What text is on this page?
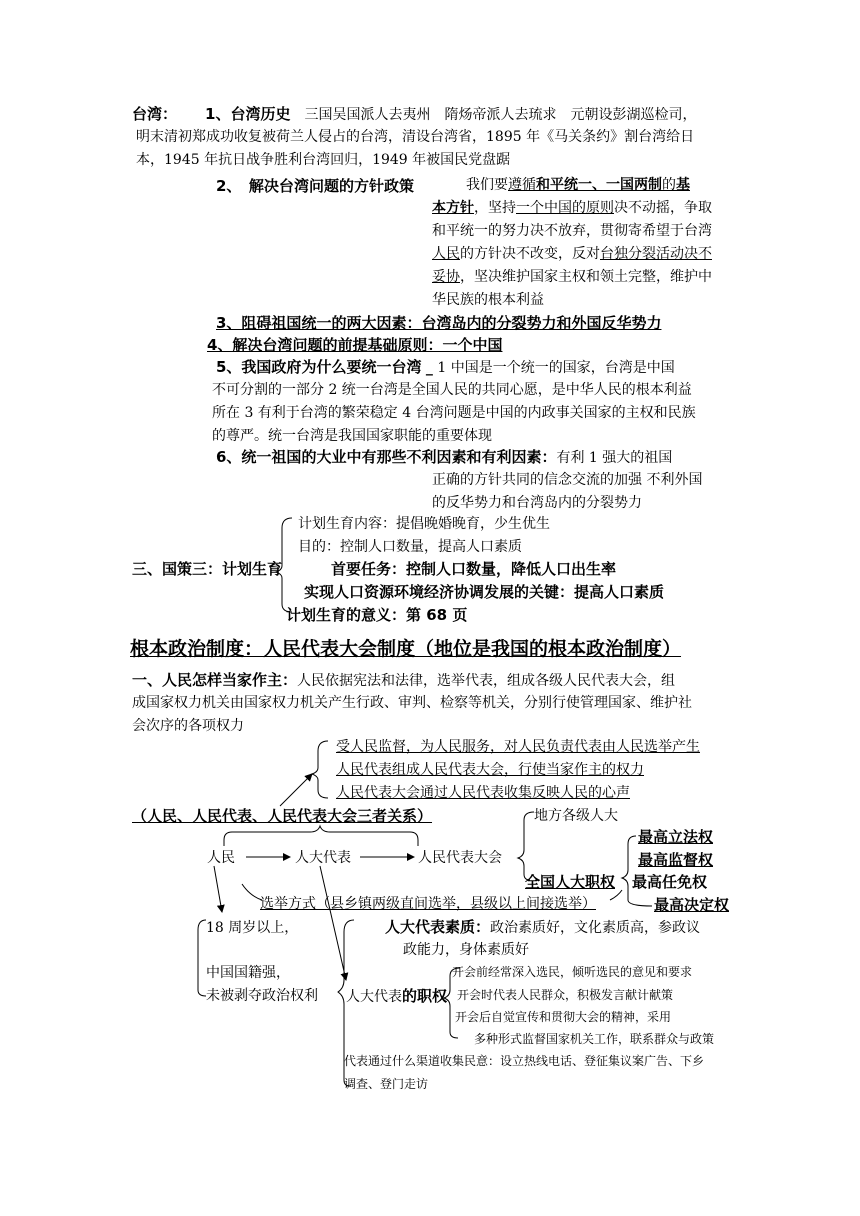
台湾： 1、台湾历史　 三国吴国派人去夷州　隋炀帝派人去琉求　元朝设彭湖巡检司，
明末清初郑成功收复被荷兰人侵占的台湾，清设台湾省，1895 年《马关条约》割台湾给日
本，1945 年抗日战争胜利台湾回归，1949 年被国民党盘踞
2、　解决台湾问题的方针政策	我们要遵循和平统一、一国两制的基
本方针，坚持一个中国的原则决不动摇，争取
和平统一的努力决不放弃，贯彻寄希望于台湾
人民的方针决不改变，反对台独分裂活动决不
妥协，坚决维护国家主权和领土完整，维护中
华民族的根本利益
3、阻碍祖国统一的两大因素：台湾岛内的分裂势力和外国反华势力
4、解决台湾问题的前提基础原则：一个中国
5、我国政府为什么要统一台湾 _ 1 中国是一个统一的国家，台湾是中国
不可分割的一部分 2 统一台湾是全国人民的共同心愿，是中华人民的根本利益
所在 3 有利于台湾的繁荣稳定 4 台湾问题是中国的内政事关国家的主权和民族
的尊严。统一台湾是我国国家职能的重要体现
6、统一祖国的大业中有那些不利因素和有利因素：有利 1 强大的祖国
正确的方针共同的信念交流的加强 不利外国
的反华势力和台湾岛内的分裂势力
计划生育内容：提倡晚婚晚育，少生优生
目的：控制人口数量，提高人口素质
三、国策三：计划生育	首要任务：控制人口数量，降低人口出生率
实现人口资源环境经济协调发展的关键：提高人口素质
计划生育的意义：第 68 页
根本政治制度：人民代表大会制度（地位是我国的根本政治制度）
一、人民怎样当家作主：人民依据宪法和法律，选举代表，组成各级人民代表大会，组
成国家权力机关由国家权力机关产生行政、审判、检察等机关，分别行使管理国家、维护社
会次序的各项权力
受人民监督，为人民服务，对人民负责代表由人民选举产生
人民代表组成人民代表大会，行使当家作主的权力
人民代表大会通过人民代表收集反映人民的心声
（人民、人民代表、人民代表大会三者关系）	地方各级人大
人民	人大代表	人民代表大会
全国人大职权
最高立法权
最高监督权
最高任免权
最高决定权
选举方式（县乡镇两级直间选举，县级以上间接选举）
18 周岁以上，
中国国籍强，
未被剥夺政治权利
人大代表素质：政治素质好，文化素质高，参政议
政能力，身体素质好
人大代表的职权
开会前经常深入选民，倾听选民的意见和要求
开会时代表人民群众，积极发言献计献策
开会后自觉宣传和贯彻大会的精神，采用
多种形式监督国家机关工作，联系群众与政策
代表通过什么渠道收集民意：设立热线电话、登征集议案广告、下乡
调查、登门走访
